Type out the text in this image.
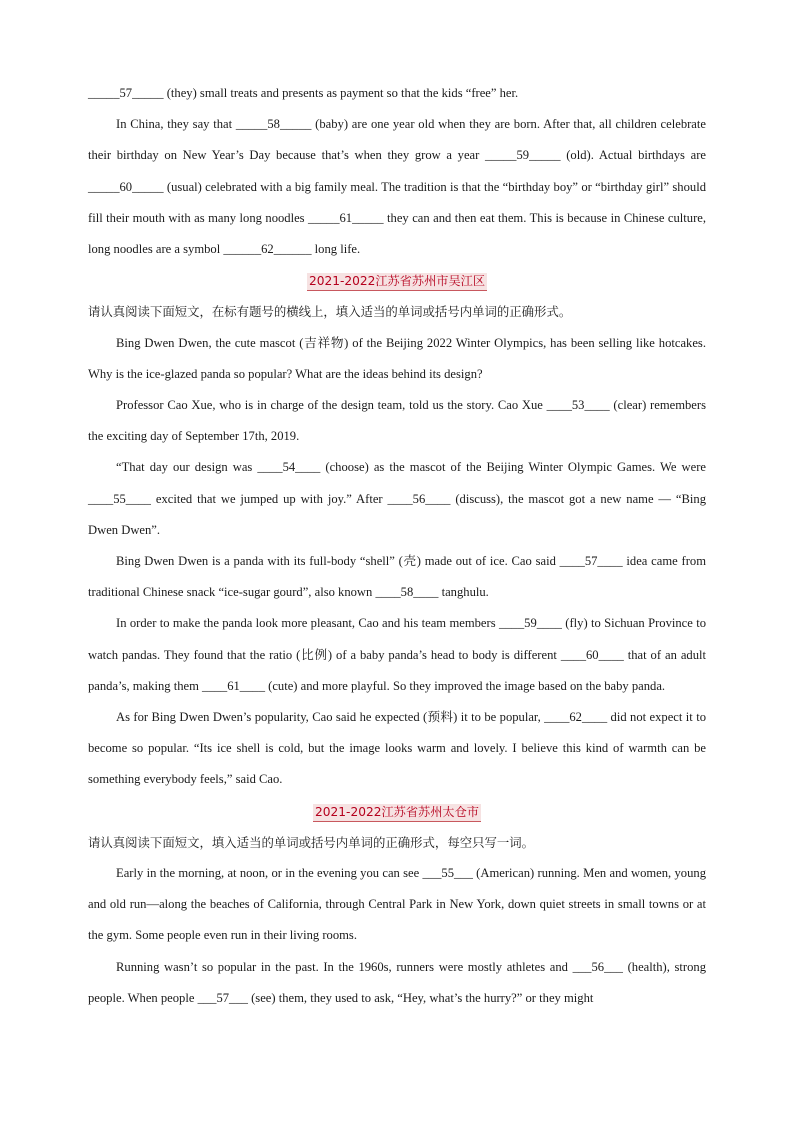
_____57_____ (they) small treats and presents as payment so that the kids “free” her.

In China, they say that _____58_____ (baby) are one year old when they are born. After that, all children celebrate their birthday on New Year’s Day because that’s when they grow a year _____59_____ (old). Actual birthdays are _____60_____ (usual) celebrated with a big family meal. The tradition is that the “birthday boy” or “birthday girl” should fill their mouth with as many long noodles _____61_____ they can and then eat them. This is because in Chinese culture, long noodles are a symbol ______62______ long life.

2021-2022江苏省苏州市吴江区

请认真阅读下面短文，在标有题号的横线上，填入适当的单词或括号内单词的正确形式。

Bing Dwen Dwen, the cute mascot (吉祥物) of the Beijing 2022 Winter Olympics, has been selling like hotcakes. Why is the ice-glazed panda so popular? What are the ideas behind its design?

Professor Cao Xue, who is in charge of the design team, told us the story. Cao Xue ____53____ (clear) remembers the exciting day of September 17th, 2019.

“That day our design was ____54____ (choose) as the mascot of the Beijing Winter Olympic Games. We were ____55____ excited that we jumped up with joy.” After ____56____ (discuss), the mascot got a new name — “Bing Dwen Dwen”.

Bing Dwen Dwen is a panda with its full-body “shell” (壳) made out of ice. Cao said ____57____ idea came from traditional Chinese snack “ice-sugar gourd”, also known ____58____ tanghulu.

In order to make the panda look more pleasant, Cao and his team members ____59____ (fly) to Sichuan Province to watch pandas. They found that the ratio (比例) of a baby panda’s head to body is different ____60____ that of an adult panda’s, making them ____61____ (cute) and more playful. So they improved the image based on the baby panda.

As for Bing Dwen Dwen’s popularity, Cao said he expected (预料) it to be popular, ____62____ did not expect it to become so popular. “Its ice shell is cold, but the image looks warm and lovely. I believe this kind of warmth can be something everybody feels,” said Cao.

2021-2022江苏省苏州太仓市

请认真阅读下面短文，填入适当的单词或括号内单词的正确形式，每空只写一词。

Early in the morning, at noon, or in the evening you can see ___55___ (American) running. Men and women, young and old run—along the beaches of California, through Central Park in New York, down quiet streets in small towns or at the gym. Some people even run in their living rooms.

Running wasn’t so popular in the past. In the 1960s, runners were mostly athletes and ___56___ (health), strong people. When people ___57___ (see) them, they used to ask, “Hey, what’s the hurry?” or they might
